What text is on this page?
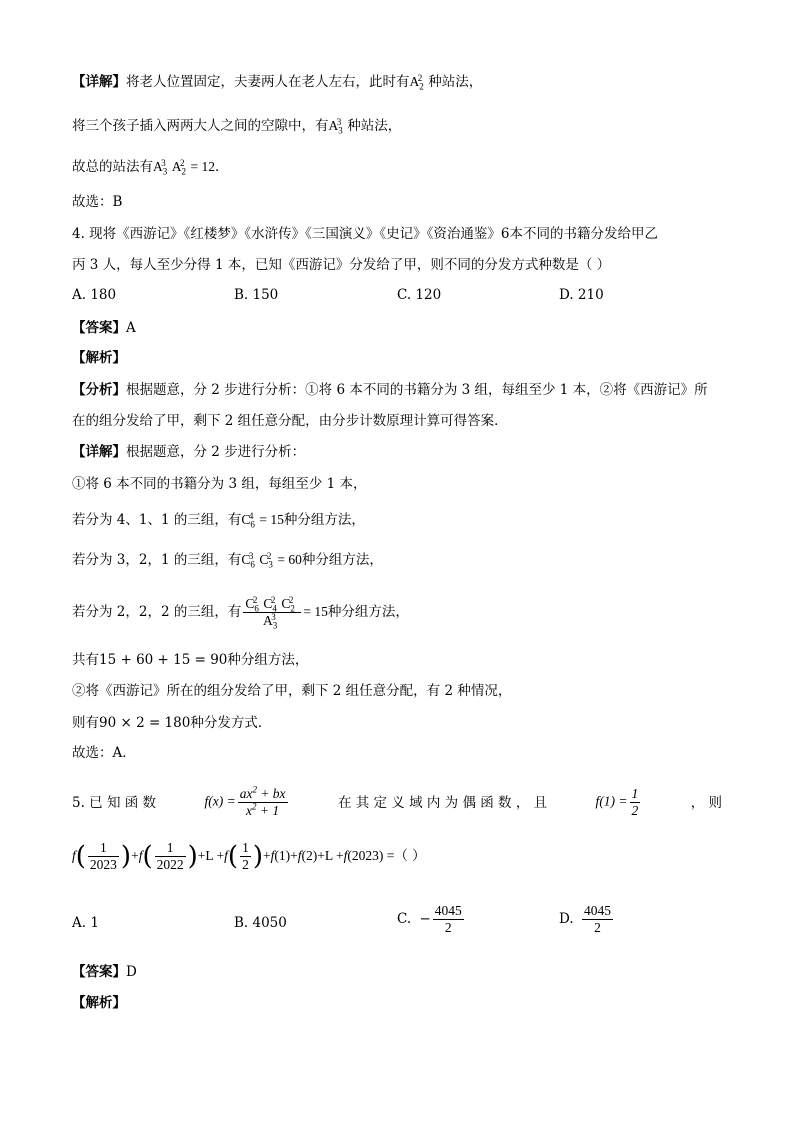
【详解】将老人位置固定，夫妻两人在老人左右，此时有$A_2^2$ 种站法，
将三个孩子插入两两大人之间的空隙中，有$A_3^3$ 种站法，
故总的站法有$A_3^3$ $A_2^2 = 12$．
故选：B
4. 现将《西游记》《红楼梦》《水浒传》《三国演义》《史记》《资治通鉴》6本不同的书籍分发给甲乙
丙 3 人，每人至少分得 1 本，已知《西游记》分发给了甲，则不同的分发方式种数是（ ）
A. 180	B. 150	C. 120	D. 210
【答案】A
【解析】
【分析】根据题意，分 2 步进行分析：①将 6 本不同的书籍分为 3 组，每组至少 1 本，②将《西游记》所
在的组分发给了甲，剩下 2 组任意分配，由分步计数原理计算可得答案．
【详解】根据题意，分 2 步进行分析：
①将 6 本不同的书籍分为 3 组，每组至少 1 本，
若分为 4、1、1 的三组，有$C_6^4 = 15$种分组方法，
若分为 3，2，1 的三组，有$C_6^3$ $C_3^2 = 60$种分组方法，
若分为 2，2，2 的三组，有 $\frac{C_6^2 C_4^2 C_2^2}{A_3^3} = 15$种分组方法，
共有15 + 60 + 15 = 90种分组方法，
②将《西游记》所在的组分发给了甲，剩下 2 组任意分配，有 2 种情况，
则有90 × 2 = 180种分发方式．
故选：A．
5. 已 知 函 数	$f(x) = \frac{ax^2 + bx}{x^2 + 1}$	在 其 定 义 域 内 为 偶 函 数 ， 且	$f(1) = \frac{1}{2}$	， 则
$f( \frac{1}{2023} )+f( \frac{1}{2022} )+L +f( \frac{1}{2} )+f(1)+f(2)+L +f(2023)$ =（ ）
A. 1	B. 4050	C. − $\frac{4045}{2}$	D. $\frac{4045}{2}$
【答案】D
【解析】
